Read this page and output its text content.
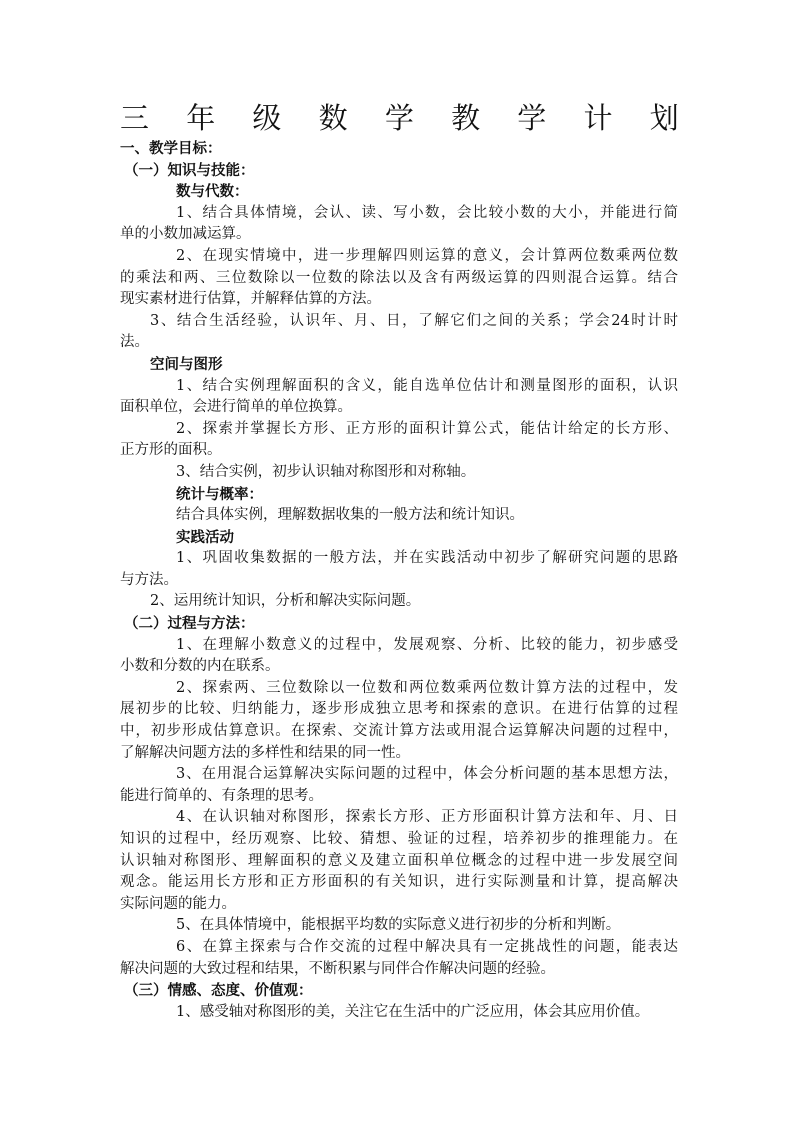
三 年 级 数 学 教 学 计 划
一、教学目标：
（一）知识与技能：
数与代数：
1、结合具体情境，会认、读、写小数，会比较小数的大小，并能进行简
单的小数加减运算。
2、在现实情境中，进一步理解四则运算的意义，会计算两位数乘两位数
的乘法和两、三位数除以一位数的除法以及含有两级运算的四则混合运算。结合
现实素材进行估算，并解释估算的方法。
3、结合生活经验，认识年、月、日，了解它们之间的关系；学会24时计时
法。
空间与图形
1、结合实例理解面积的含义，能自选单位估计和测量图形的面积，认识
面积单位，会进行简单的单位换算。
2、探索并掌握长方形、正方形的面积计算公式，能估计给定的长方形、
正方形的面积。
3、结合实例，初步认识轴对称图形和对称轴。
统计与概率：
结合具体实例，理解数据收集的一般方法和统计知识。
实践活动
1、巩固收集数据的一般方法，并在实践活动中初步了解研究问题的思路
与方法。
2、运用统计知识，分析和解决实际问题。
（二）过程与方法：
1、在理解小数意义的过程中，发展观察、分析、比较的能力，初步感受
小数和分数的内在联系。
2、探索两、三位数除以一位数和两位数乘两位数计算方法的过程中，发
展初步的比较、归纳能力，逐步形成独立思考和探索的意识。在进行估算的过程
中，初步形成估算意识。在探索、交流计算方法或用混合运算解决问题的过程中，
了解解决问题方法的多样性和结果的同一性。
3、在用混合运算解决实际问题的过程中，体会分析问题的基本思想方法，
能进行简单的、有条理的思考。
4、在认识轴对称图形，探索长方形、正方形面积计算方法和年、月、日
知识的过程中，经历观察、比较、猜想、验证的过程，培养初步的推理能力。在
认识轴对称图形、理解面积的意义及建立面积单位概念的过程中进一步发展空间
观念。能运用长方形和正方形面积的有关知识，进行实际测量和计算，提高解决
实际问题的能力。
5、在具体情境中，能根据平均数的实际意义进行初步的分析和判断。
6、在算主探索与合作交流的过程中解决具有一定挑战性的问题，能表达
解决问题的大致过程和结果，不断积累与同伴合作解决问题的经验。
（三）情感、态度、价值观：
1、感受轴对称图形的美，关注它在生活中的广泛应用，体会其应用价值。
